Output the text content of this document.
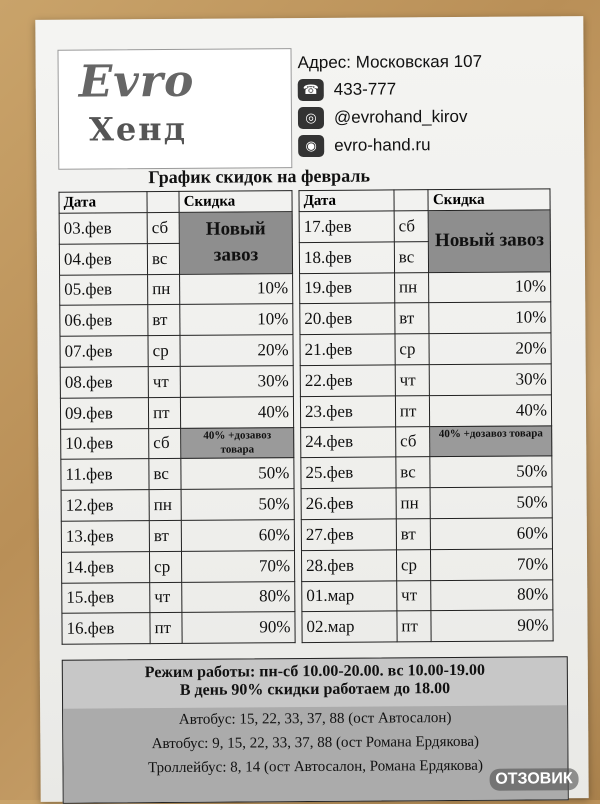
Evro
Хенд
Адрес: Московская 107
☎ 433-777
◎	@evrohand_kirov
◉	evro-hand.ru
График скидок на февраль
Дата		Скидка
03.фев	сб	Новый завоз
04.фев	вс	
05.фев	пн	10%
06.фев	вт	10%
07.фев	ср	20%
08.фев	чт	30%
09.фев	пт	40%
10.фев	сб	40% +дозавоз товара
11.фев	вс	50%
12.фев	пн	50%
13.фев	вт	60%
14.фев	ср	70%
15.фев	чт	80%
16.фев	пт	90%
Дата		Скидка
17.фев	сб	Новый завоз
18.фев	вс	
19.фев	пн	10%
20.фев	вт	10%
21.фев	ср	20%
22.фев	чт	30%
23.фев	пт	40%
24.фев	сб	40% +дозавоз товара
25.фев	вс	50%
26.фев	пн	50%
27.фев	вт	60%
28.фев	ср	70%
01.мар	чт	80%
02.мар	пт	90%
Режим работы: пн-сб 10.00-20.00. вс 10.00-19.00
В день 90% скидки работаем до 18.00
Автобус: 15, 22, 33, 37, 88 (ост Автосалон)
Автобус: 9, 15, 22, 33, 37, 88 (ост Романа Ердякова)
Троллейбус: 8, 14 (ост Автосалон, Романа Ердякова)
ОТЗОВИК
